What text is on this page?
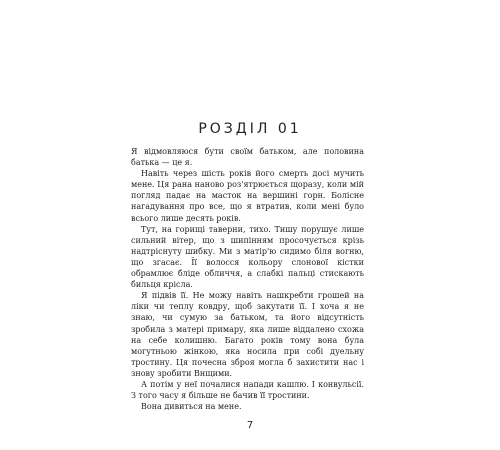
РОЗДІЛ 01

Я відмовляюся бути своїм батьком, але половина батька — це я.

Навіть через шість років його смерть досі мучить мене. Ця рана наново роз'ятрюється щоразу, коли мій погляд падає на масток на вершині горн. Болісне нагадування про все, що я втратив, коли мені було всього лише десять років.

Тут, на горищі таверни, тихо. Тишу порушує лише сильний вітер, що з шипінням просочується крізь надтріснуту шибку. Ми з матір'ю сидимо біля вогню, що згасає. Її волосся кольору слонової кістки обрамлює бліде обличчя, а слабкі пальці стискають бильця крісла.

Я підвів її. Не можу навіть нашкребти грошей на ліки чи теплу ковдру, щоб закутати її. І хоча я не знаю, чи сумую за батьком, та його відсутність зробила з матері примару, яка лише віддалено схожа на себе колишню. Багато років тому вона була могутньою жінкою, яка носила при собі дуельну тростину. Ця почесна зброя могла б захистити нас і знову зробити Внщими.

А потім у неї почалися напади кашлю. І конвульсії. З того часу я більше не бачив її тростини.

Вона дивиться на мене.

7
